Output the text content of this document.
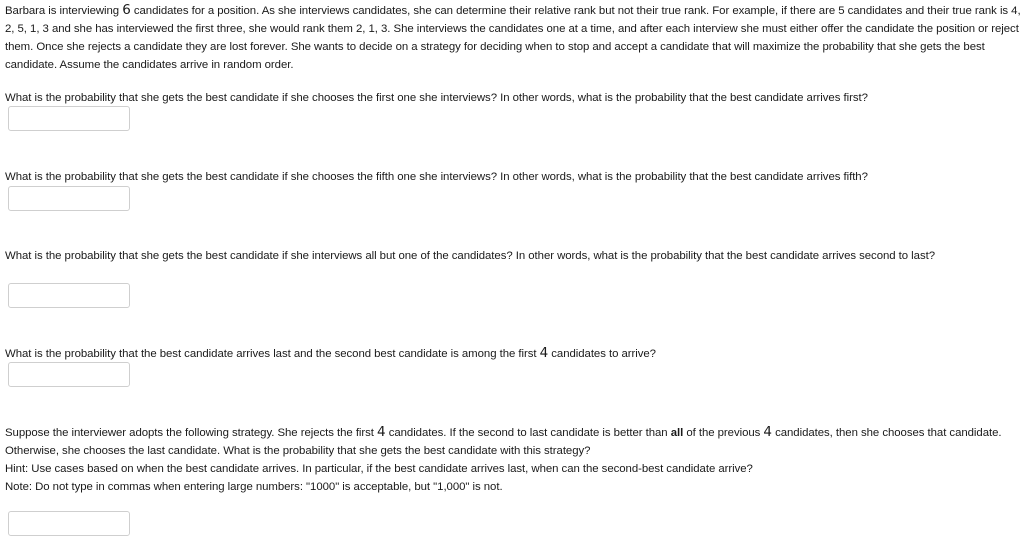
Barbara is interviewing 6 candidates for a position. As she interviews candidates, she can determine their relative rank but not their true rank. For example, if there are 5 candidates and their true rank is 4, 2, 5, 1, 3 and she has interviewed the first three, she would rank them 2, 1, 3. She interviews the candidates one at a time, and after each interview she must either offer the candidate the position or reject them. Once she rejects a candidate they are lost forever. She wants to decide on a strategy for deciding when to stop and accept a candidate that will maximize the probability that she gets the best candidate. Assume the candidates arrive in random order.

What is the probability that she gets the best candidate if she chooses the first one she interviews? In other words, what is the probability that the best candidate arrives first?

What is the probability that she gets the best candidate if she chooses the fifth one she interviews? In other words, what is the probability that the best candidate arrives fifth?

What is the probability that she gets the best candidate if she interviews all but one of the candidates? In other words, what is the probability that the best candidate arrives second to last?

What is the probability that the best candidate arrives last and the second best candidate is among the first 4 candidates to arrive?

Suppose the interviewer adopts the following strategy. She rejects the first 4 candidates. If the second to last candidate is better than all of the previous 4 candidates, then she chooses that candidate. Otherwise, she chooses the last candidate. What is the probability that she gets the best candidate with this strategy?
Hint: Use cases based on when the best candidate arrives. In particular, if the best candidate arrives last, when can the second-best candidate arrive?
Note: Do not type in commas when entering large numbers: "1000" is acceptable, but "1,000" is not.
